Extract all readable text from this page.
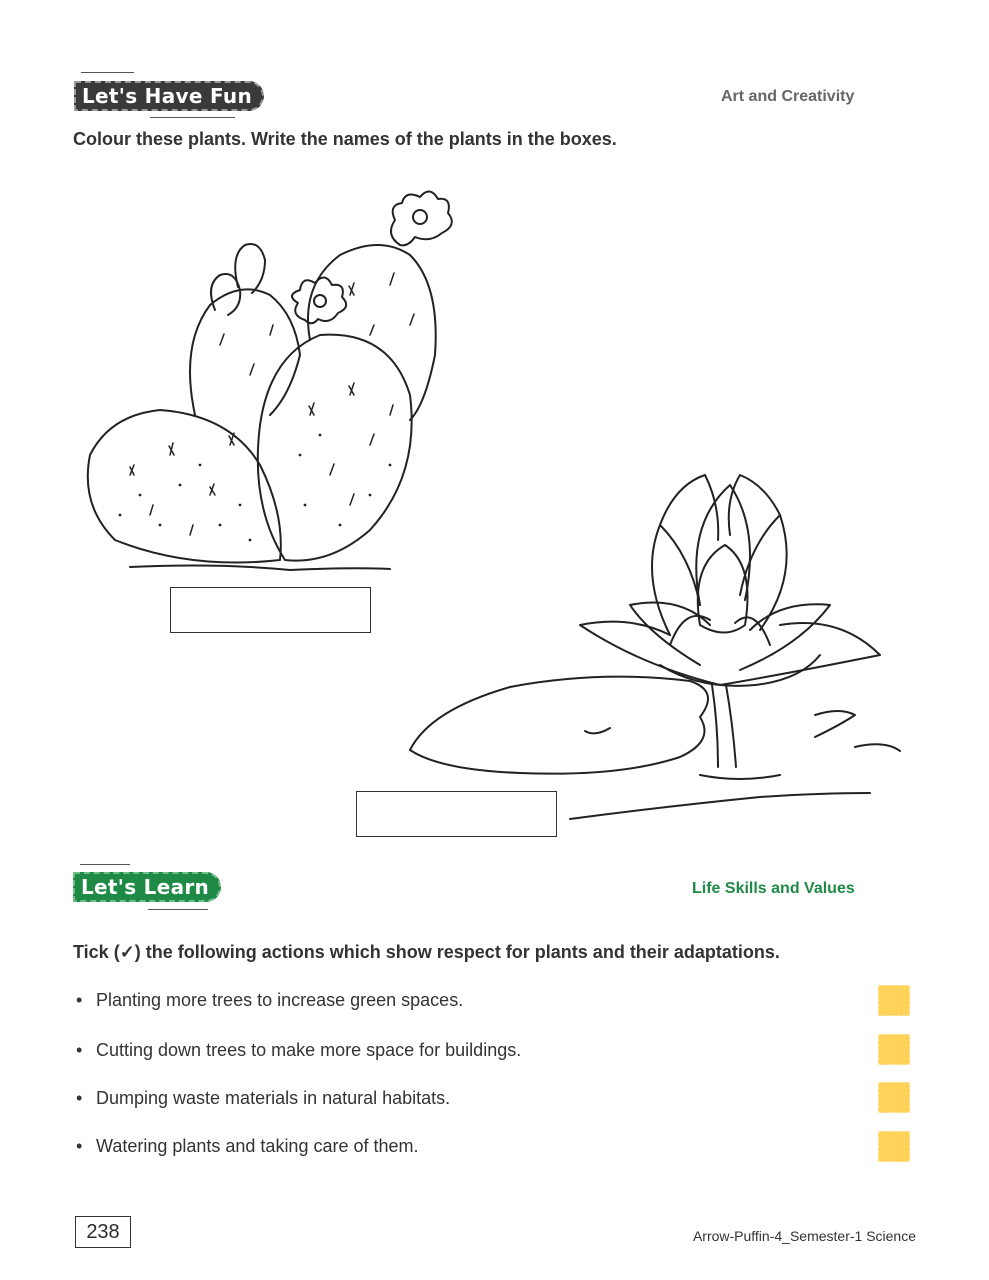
Let's Have Fun	Art and Creativity
Colour these plants. Write the names of the plants in the boxes.
Let's Learn	Life Skills and Values
Tick (✓) the following actions which show respect for plants and their adaptations.
• Planting more trees to increase green spaces.
• Cutting down trees to make more space for buildings.
• Dumping waste materials in natural habitats.
• Watering plants and taking care of them.
238	Arrow-Puffin-4_Semester-1 Science
